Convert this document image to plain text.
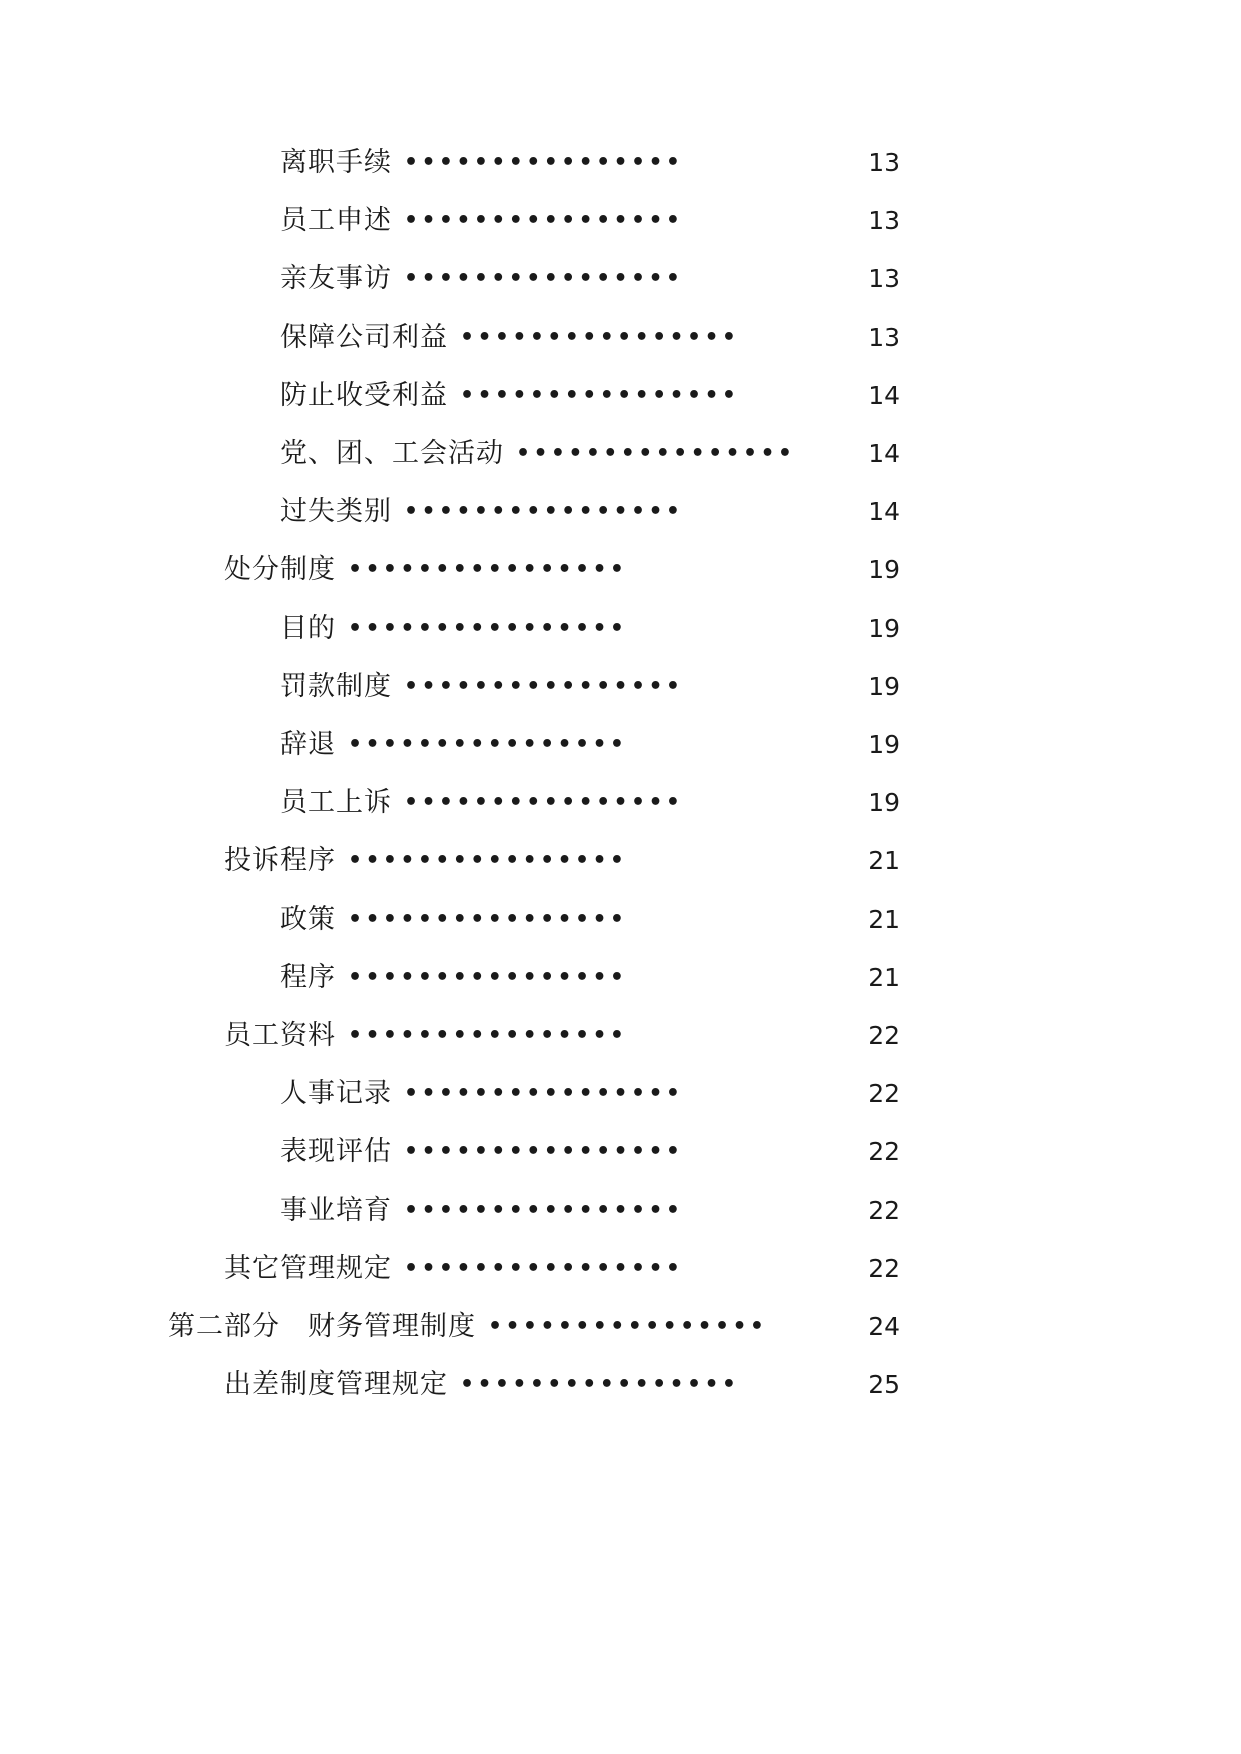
离职手续 ••••••••••••••••	13
员工申述 ••••••••••••••••	13
亲友事访 ••••••••••••••••	13
保障公司利益 ••••••••••••••••	13
防止收受利益 ••••••••••••••••	14
党、团、工会活动 ••••••••••••••••	14
过失类别 ••••••••••••••••	14
处分制度 ••••••••••••••••	19
目的 ••••••••••••••••	19
罚款制度 ••••••••••••••••	19
辞退 ••••••••••••••••	19
员工上诉 ••••••••••••••••	19
投诉程序 ••••••••••••••••	21
政策 ••••••••••••••••	21
程序 ••••••••••••••••	21
员工资料 ••••••••••••••••	22
人事记录 ••••••••••••••••	22
表现评估 ••••••••••••••••	22
事业培育 ••••••••••••••••	22
其它管理规定 ••••••••••••••••	22
第二部分　财务管理制度 ••••••••••••••••	24
出差制度管理规定 ••••••••••••••••	25
